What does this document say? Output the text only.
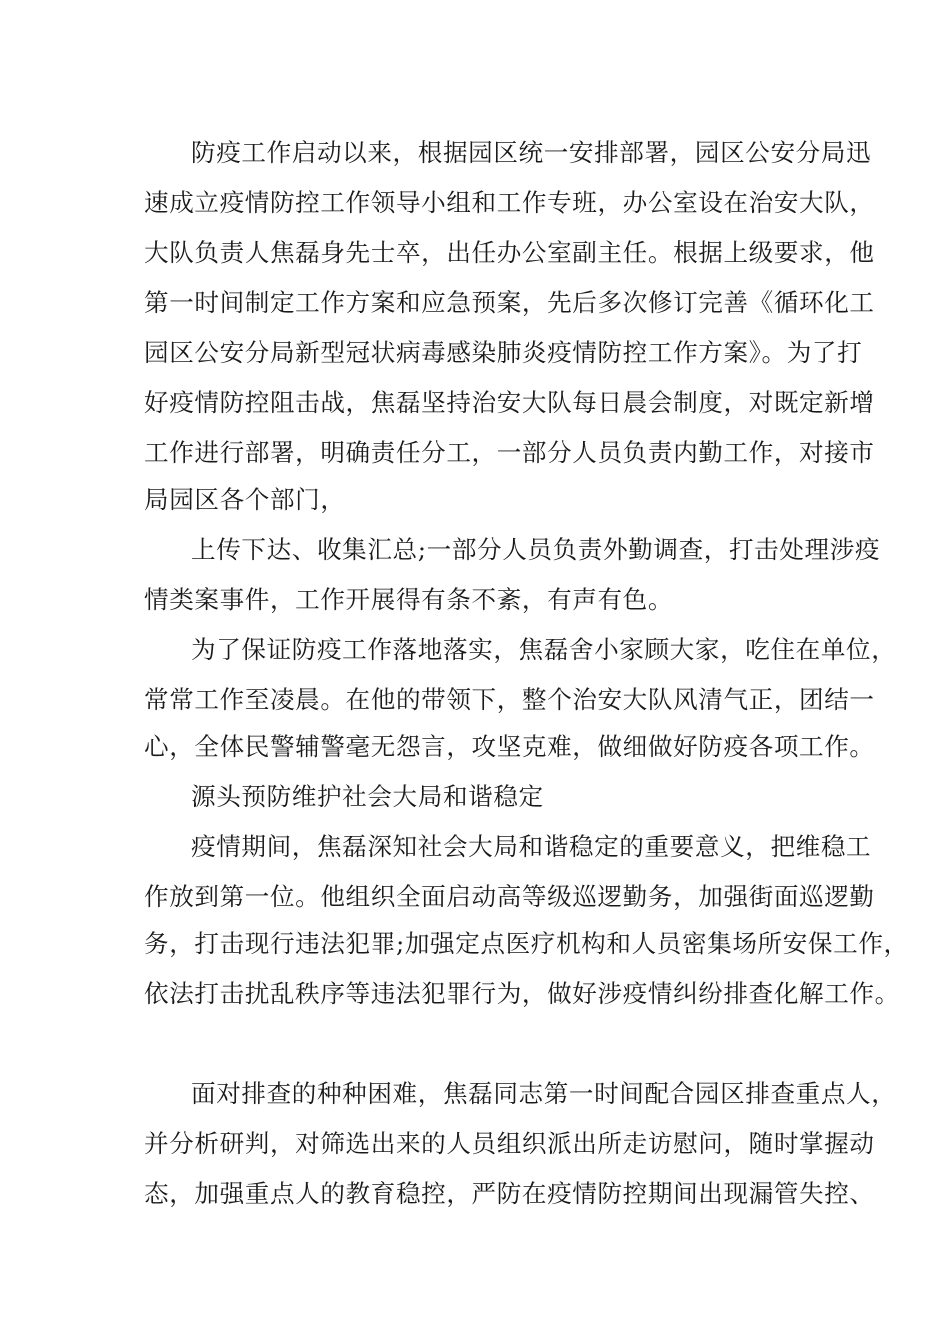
防疫工作启动以来，根据园区统一安排部署，园区公安分局迅
速成立疫情防控工作领导小组和工作专班，办公室设在治安大队，
大队负责人焦磊身先士卒，出任办公室副主任。根据上级要求，他
第一时间制定工作方案和应急预案，先后多次修订完善《循环化工
园区公安分局新型冠状病毒感染肺炎疫情防控工作方案》。为了打
好疫情防控阻击战，焦磊坚持治安大队每日晨会制度，对既定新增
工作进行部署，明确责任分工，一部分人员负责内勤工作，对接市
局园区各个部门，
上传下达、收集汇总;一部分人员负责外勤调查，打击处理涉疫
情类案事件，工作开展得有条不紊，有声有色。
为了保证防疫工作落地落实，焦磊舍小家顾大家，吃住在单位，
常常工作至凌晨。在他的带领下，整个治安大队风清气正，团结一
心，全体民警辅警毫无怨言，攻坚克难，做细做好防疫各项工作。
源头预防维护社会大局和谐稳定
疫情期间，焦磊深知社会大局和谐稳定的重要意义，把维稳工
作放到第一位。他组织全面启动高等级巡逻勤务，加强街面巡逻勤
务，打击现行违法犯罪;加强定点医疗机构和人员密集场所安保工作，
依法打击扰乱秩序等违法犯罪行为，做好涉疫情纠纷排查化解工作。
面对排查的种种困难，焦磊同志第一时间配合园区排查重点人，
并分析研判，对筛选出来的人员组织派出所走访慰问，随时掌握动
态，加强重点人的教育稳控，严防在疫情防控期间出现漏管失控、
